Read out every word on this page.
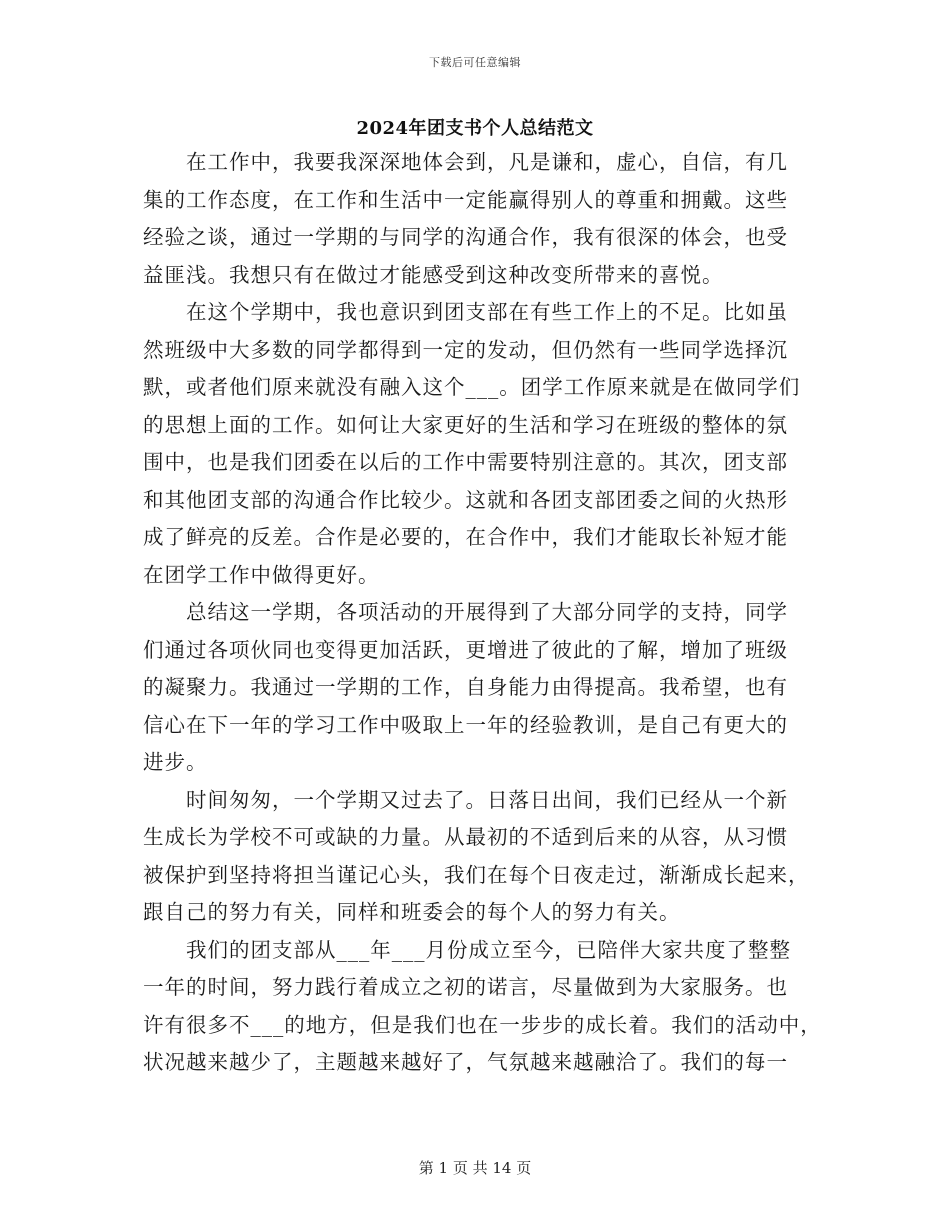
下载后可任意编辑
2024年团支书个人总结范文
在工作中，我要我深深地体会到，凡是谦和，虚心，自信，有几
集的工作态度，在工作和生活中一定能赢得别人的尊重和拥戴。这些
经验之谈，通过一学期的与同学的沟通合作，我有很深的体会，也受
益匪浅。我想只有在做过才能感受到这种改变所带来的喜悦。
在这个学期中，我也意识到团支部在有些工作上的不足。比如虽
然班级中大多数的同学都得到一定的发动，但仍然有一些同学选择沉
默，或者他们原来就没有融入这个___。团学工作原来就是在做同学们
的思想上面的工作。如何让大家更好的生活和学习在班级的整体的氛
围中，也是我们团委在以后的工作中需要特别注意的。其次，团支部
和其他团支部的沟通合作比较少。这就和各团支部团委之间的火热形
成了鲜亮的反差。合作是必要的，在合作中，我们才能取长补短才能
在团学工作中做得更好。
总结这一学期，各项活动的开展得到了大部分同学的支持，同学
们通过各项伙同也变得更加活跃，更增进了彼此的了解，增加了班级
的凝聚力。我通过一学期的工作，自身能力由得提高。我希望，也有
信心在下一年的学习工作中吸取上一年的经验教训，是自己有更大的
进步。
时间匆匆，一个学期又过去了。日落日出间，我们已经从一个新
生成长为学校不可或缺的力量。从最初的不适到后来的从容，从习惯
被保护到坚持将担当谨记心头，我们在每个日夜走过，渐渐成长起来，
跟自己的努力有关，同样和班委会的每个人的努力有关。
我们的团支部从___年___月份成立至今，已陪伴大家共度了整整
一年的时间，努力践行着成立之初的诺言，尽量做到为大家服务。也
许有很多不___的地方，但是我们也在一步步的成长着。我们的活动中，
状况越来越少了，主题越来越好了，气氛越来越融洽了。我们的每一
第 1 页 共 14 页
